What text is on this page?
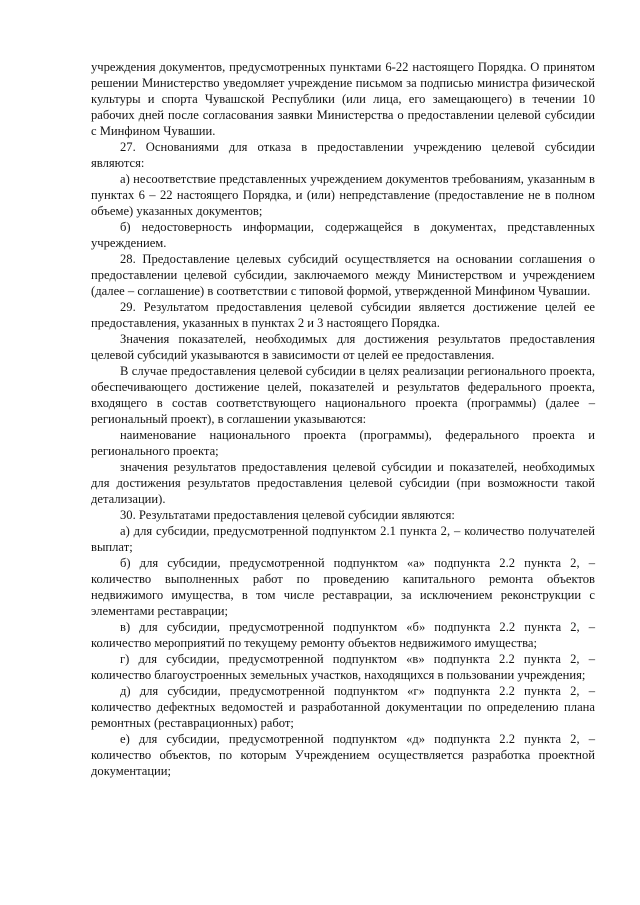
учреждения документов, предусмотренных пунктами 6-22 настоящего Порядка. О принятом решении Министерство уведомляет учреждение письмом за подписью министра физической культуры и спорта Чувашской Республики (или лица, его замещающего) в течении 10 рабочих дней после согласования заявки Министерства о предоставлении целевой субсидии с Минфином Чувашии.

27. Основаниями для отказа в предоставлении учреждению целевой субсидии являются:

а) несоответствие представленных учреждением документов требованиям, указанным в пунктах 6 – 22 настоящего Порядка, и (или) непредставление (предоставление не в полном объеме) указанных документов;

б) недостоверность информации, содержащейся в документах, представленных учреждением.

28. Предоставление целевых субсидий осуществляется на основании соглашения о предоставлении целевой субсидии, заключаемого между Министерством и учреждением (далее – соглашение) в соответствии с типовой формой, утвержденной Минфином Чувашии.

29. Результатом предоставления целевой субсидии является достижение целей ее предоставления, указанных в пунктах 2 и 3 настоящего Порядка.

Значения показателей, необходимых для достижения результатов предоставления целевой субсидий указываются в зависимости от целей ее предоставления.

В случае предоставления целевой субсидии в целях реализации регионального проекта, обеспечивающего достижение целей, показателей и результатов федерального проекта, входящего в состав соответствующего национального проекта (программы) (далее – региональный проект), в соглашении указываются:

наименование национального проекта (программы), федерального проекта и регионального проекта;

значения результатов предоставления целевой субсидии и показателей, необходимых для достижения результатов предоставления целевой субсидии (при возможности такой детализации).

30. Результатами предоставления целевой субсидии являются:

а) для субсидии, предусмотренной подпунктом 2.1 пункта 2, – количество получателей выплат;

б) для субсидии, предусмотренной подпунктом «а» подпункта 2.2 пункта 2, – количество выполненных работ по проведению капитального ремонта объектов недвижимого имущества, в том числе реставрации, за исключением реконструкции с элементами реставрации;

в) для субсидии, предусмотренной подпунктом «б» подпункта 2.2 пункта 2, – количество мероприятий по текущему ремонту объектов недвижимого имущества;

г) для субсидии, предусмотренной подпунктом «в» подпункта 2.2 пункта 2, – количество благоустроенных земельных участков, находящихся в пользовании учреждения;

д) для субсидии, предусмотренной подпунктом «г» подпункта 2.2 пункта 2, – количество дефектных ведомостей и разработанной документации по определению плана ремонтных (реставрационных) работ;

е) для субсидии, предусмотренной подпунктом «д» подпункта 2.2 пункта 2, – количество объектов, по которым Учреждением осуществляется разработка проектной документации;
